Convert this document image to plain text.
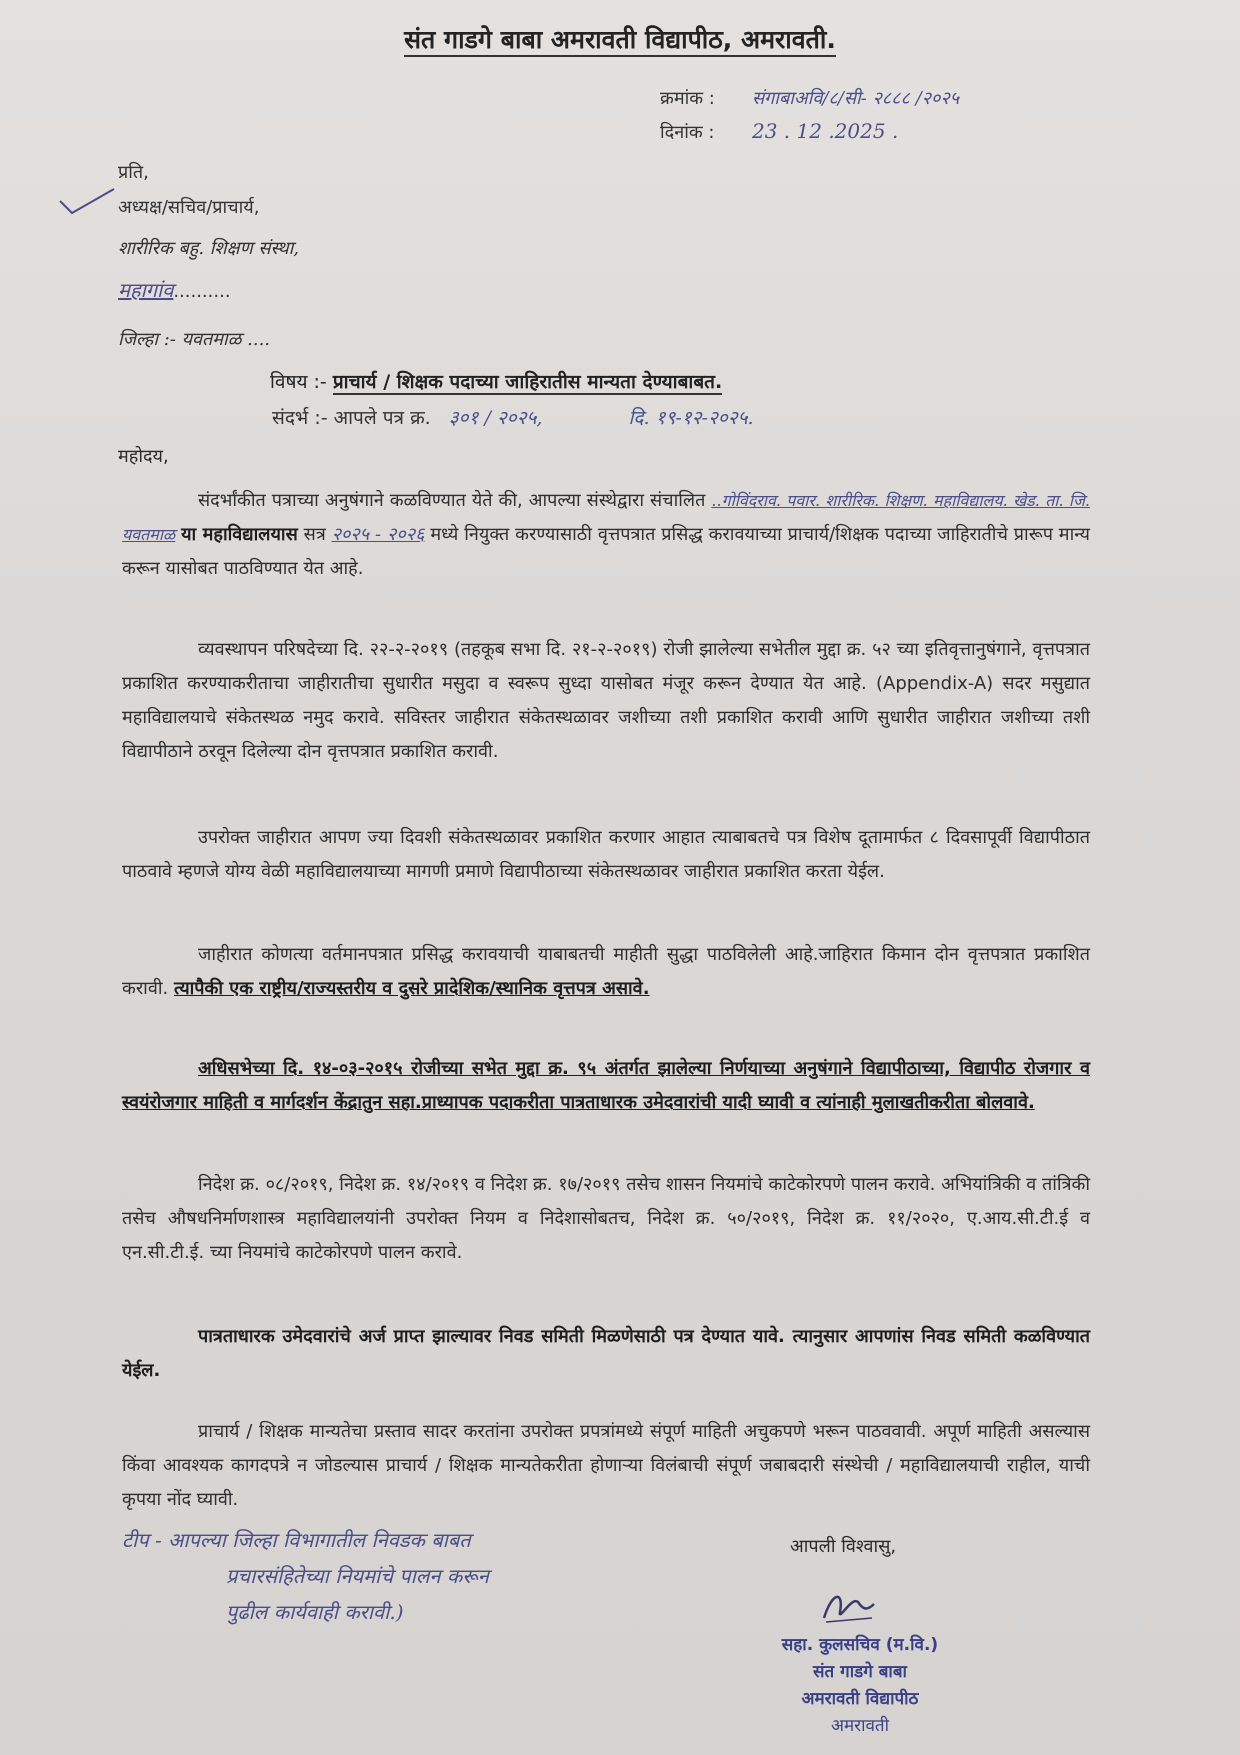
संत गाडगे बाबा अमरावती विद्यापीठ, अमरावती.
क्रमांक : संगाबाअवि/८/सी- २८८८ /२०२५
दिनांक : 23 . 12 .2025 .
प्रति,
अध्यक्ष/सचिव/प्राचार्य,
शारीरिक बहु. शिक्षण संस्था,
महागांव..........
जिल्हा :- यवतमाळ ....
विषय :- प्राचार्य / शिक्षक पदाच्या जाहिरातीस मान्यता देण्याबाबत.
संदर्भ :- आपले पत्र क्र. ३०१ / २०२५,	दि. १९-१२-२०२५.
महोदय,
संदर्भांकीत पत्राच्या अनुषंगाने कळविण्यात येते की, आपल्या संस्थेद्वारा संचालित ..गोविंदराव. पवार. शारीरिक. शिक्षण. महाविद्यालय. खेड. ता. जि. यवतमाळ या महाविद्यालयास सत्र २०२५ - २०२६ मध्ये नियुक्त करण्यासाठी वृत्तपत्रात प्रसिद्ध करावयाच्या प्राचार्य/शिक्षक पदाच्या जाहिरातीचे प्रारूप मान्य करून यासोबत पाठविण्यात येत आहे.
व्यवस्थापन परिषदेच्या दि. २२-२-२०१९ (तहकूब सभा दि. २१-२-२०१९) रोजी झालेल्या सभेतील मुद्दा क्र. ५२ च्या इतिवृत्तानुषंगाने, वृत्तपत्रात प्रकाशित करण्याकरीताचा जाहीरातीचा सुधारीत मसुदा व स्वरूप सुध्दा यासोबत मंजूर करून देण्यात येत आहे. (Appendix-A) सदर मसुद्यात महाविद्यालयाचे संकेतस्थळ नमुद करावे. सविस्तर जाहीरात संकेतस्थळावर जशीच्या तशी प्रकाशित करावी आणि सुधारीत जाहीरात जशीच्या तशी विद्यापीठाने ठरवून दिलेल्या दोन वृत्तपत्रात प्रकाशित करावी.
उपरोक्त जाहीरात आपण ज्या दिवशी संकेतस्थळावर प्रकाशित करणार आहात त्याबाबतचे पत्र विशेष दूतामार्फत ८ दिवसापूर्वी विद्यापीठात पाठवावे म्हणजे योग्य वेळी महाविद्यालयाच्या मागणी प्रमाणे विद्यापीठाच्या संकेतस्थळावर जाहीरात प्रकाशित करता येईल.
जाहीरात कोणत्या वर्तमानपत्रात प्रसिद्ध करावयाची याबाबतची माहीती सुद्धा पाठविलेली आहे.जाहिरात किमान दोन वृत्तपत्रात प्रकाशित करावी. त्यापैकी एक राष्ट्रीय/राज्यस्तरीय व दुसरे प्रादेशिक/स्थानिक वृत्तपत्र असावे.
अधिसभेच्या दि. १४-०३-२०१५ रोजीच्या सभेत मुद्दा क्र. ९५ अंतर्गत झालेल्या निर्णयाच्या अनुषंगाने विद्यापीठाच्या, विद्यापीठ रोजगार व स्वयंरोजगार माहिती व मार्गदर्शन केंद्रातुन सहा.प्राध्यापक पदाकरीता पात्रताधारक उमेदवारांची यादी घ्यावी व त्यांनाही मुलाखतीकरीता बोलवावे.
निदेश क्र. ०८/२०१९, निदेश क्र. १४/२०१९ व निदेश क्र. १७/२०१९ तसेच शासन नियमांचे काटेकोरपणे पालन करावे. अभियांत्रिकी व तांत्रिकी तसेच औषधनिर्माणशास्त्र महाविद्यालयांनी उपरोक्त नियम व निदेशासोबतच, निदेश क्र. ५०/२०१९, निदेश क्र. ११/२०२०, ए.आय.सी.टी.ई व एन.सी.टी.ई. च्या नियमांचे काटेकोरपणे पालन करावे.
पात्रताधारक उमेदवारांचे अर्ज प्राप्त झाल्यावर निवड समिती मिळणेसाठी पत्र देण्यात यावे. त्यानुसार आपणांस निवड समिती कळविण्यात येईल.
प्राचार्य / शिक्षक मान्यतेचा प्रस्ताव सादर करतांना उपरोक्त प्रपत्रांमध्ये संपूर्ण माहिती अचुकपणे भरून पाठववावी. अपूर्ण माहिती असल्यास किंवा आवश्यक कागदपत्रे न जोडल्यास प्राचार्य / शिक्षक मान्यतेकरीता होणाऱ्या विलंबाची संपूर्ण जबाबदारी संस्थेची / महाविद्यालयाची राहील, याची कृपया नोंद घ्यावी.
टीप - आपल्या जिल्हा विभागातील निवडक बाबत
प्रचारसंहितेच्या नियमांचे पालन करून
पुढील कार्यवाही करावी.)
आपली विश्वासु,
सहा. कुलसचिव (म.वि.)
संत गाडगे बाबा
अमरावती विद्यापीठ
अमरावती
